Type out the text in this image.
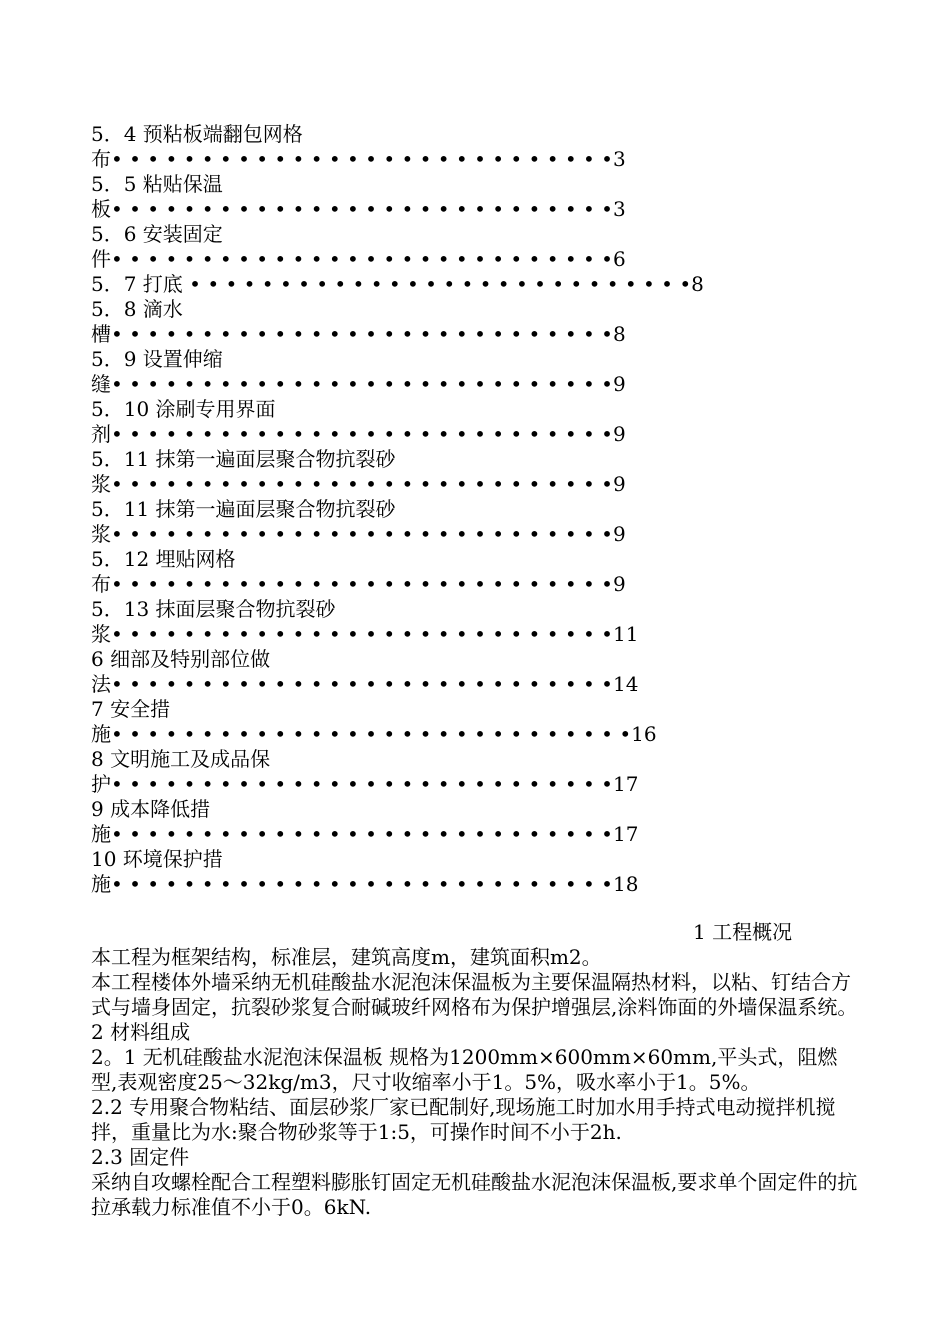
5．4 预粘板端翻包网格
布• • • • • • • • • • • • • • • • • • • • • • • • • • • •3
5．5 粘贴保温
板• • • • • • • • • • • • • • • • • • • • • • • • • • • •3
5．6 安装固定
件• • • • • • • • • • • • • • • • • • • • • • • • • • • •6
5．7 打底 • • • • • • • • • • • • • • • • • • • • • • • • • • • •8
5．8 滴水
槽• • • • • • • • • • • • • • • • • • • • • • • • • • • •8
5．9 设置伸缩
缝• • • • • • • • • • • • • • • • • • • • • • • • • • • •9
5．10 涂刷专用界面
剂• • • • • • • • • • • • • • • • • • • • • • • • • • • •9
5．11 抹第一遍面层聚合物抗裂砂
浆• • • • • • • • • • • • • • • • • • • • • • • • • • • •9
5．11 抹第一遍面层聚合物抗裂砂
浆• • • • • • • • • • • • • • • • • • • • • • • • • • • •9
5．12 埋贴网格
布• • • • • • • • • • • • • • • • • • • • • • • • • • • •9
5．13 抹面层聚合物抗裂砂
浆• • • • • • • • • • • • • • • • • • • • • • • • • • • •11
6 细部及特别部位做
法• • • • • • • • • • • • • • • • • • • • • • • • • • • •14
7 安全措
施• • • • • • • • • • • • • • • • • • • • • • • • • • • • •16
8 文明施工及成品保
护• • • • • • • • • • • • • • • • • • • • • • • • • • • •17
9 成本降低措
施• • • • • • • • • • • • • • • • • • • • • • • • • • • •17
10 环境保护措
施• • • • • • • • • • • • • • • • • • • • • • • • • • • •18
1 工程概况

本工程为框架结构，标准层，建筑高度m，建筑面积m2。

本工程楼体外墙采纳无机硅酸盐水泥泡沫保温板为主要保温隔热材料，以粘、钉结合方式与墙身固定，抗裂砂浆复合耐碱玻纤网格布为保护增强层,涂料饰面的外墙保温系统。

2 材料组成

2。1 无机硅酸盐水泥泡沫保温板 规格为1200mm×600mm×60mm,平头式，阻燃型,表观密度25～32kg/m3，尺寸收缩率小于1。5%，吸水率小于1。5%。

2.2 专用聚合物粘结、面层砂浆厂家已配制好,现场施工时加水用手持式电动搅拌机搅拌，重量比为水:聚合物砂浆等于1:5，可操作时间不小于2h.

2.3 固定件

采纳自攻螺栓配合工程塑料膨胀钉固定无机硅酸盐水泥泡沫保温板,要求单个固定件的抗拉承载力标准值不小于0。6kN.
